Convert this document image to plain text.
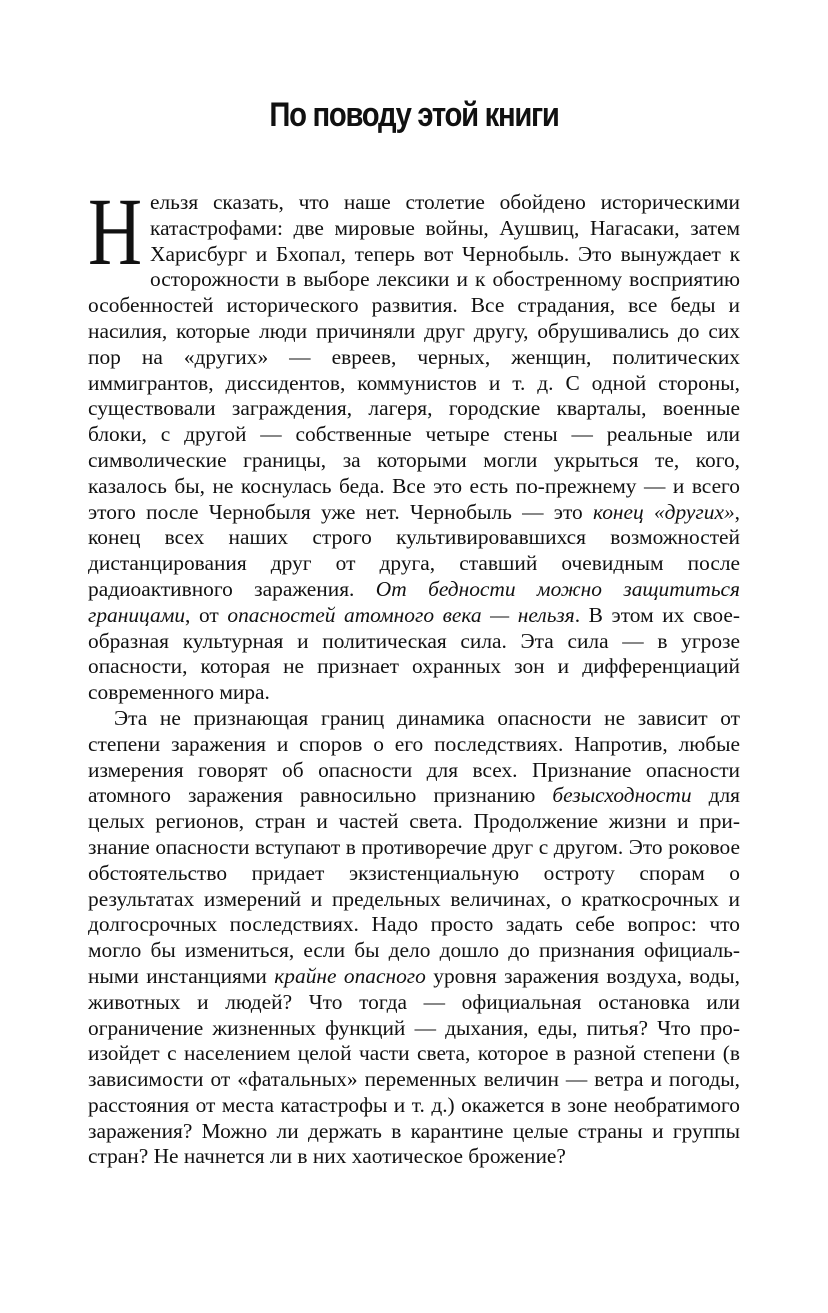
По поводу этой книги

Нельзя сказать, что наше столетие обойдено историчеcкими катастрофами: две мировые войны, Аушвиц, Нагасаки, затем Харисбург и Бхопал, теперь вот Чернобыль. Это вынуждает к осторожности в выборе лексики и к обостренному восприятию особенностей исторического развития. Все страдания, все беды и насилия, которые люди причиняли друг другу, обрушивались до сих пор на «других» — евреев, черных, женщин, политических иммигрантов, диссидентов, коммунистов и т. д. С одной стороны, существовали заграждения, лагеря, городские кварталы, военные блоки, с другой — собственные четыре стены — реальные или символические границы, за которыми могли укрыться те, кого, казалось бы, не коснулась беда. Все это есть по-прежнему — и всего этого после Чернобыля уже нет. Чернобыль — это конец «других», конец всех наших строго культивировавшихся возможностей дистанцирования друг от друга, ставший очевидным после радиоактивного заражения. От бедности можно защититься границами, от опасностей атомного века — нельзя. В этом их своеобразная культурная и политическая сила. Эта сила — в угрозе опасности, которая не признает охранных зон и дифференциаций современного мира.

Эта не признающая границ динамика опасности не зависит от степени заражения и споров о его последствиях. Напротив, любые измерения говорят об опасности для всех. Признание опасности атомного заражения равносильно признанию безысходности для целых регионов, стран и частей света. Продолжение жизни и признание опасности вступают в противоречие друг с другом. Это роковое обстоятельство придает экзистенциальную остроту спорам о результатах измерений и предельных величинах, о краткосрочных и долгосрочных последствиях. Надо просто задать себе вопрос: что могло бы измениться, если бы дело дошло до признания официальными инстанциями крайне опасного уровня заражения воздуха, воды, животных и людей? Что тогда — официальная остановка или ограничение жизненных функций — дыхания, еды, питья? Что произойдет с населением целой части света, которое в разной степени (в зависимости от «фатальных» переменных величин — ветра и погоды, расстояния от места катастрофы и т. д.) окажется в зоне необратимого заражения? Можно ли держать в карантине целые страны и группы стран? Не начнется ли в них хаотическое брожение?
